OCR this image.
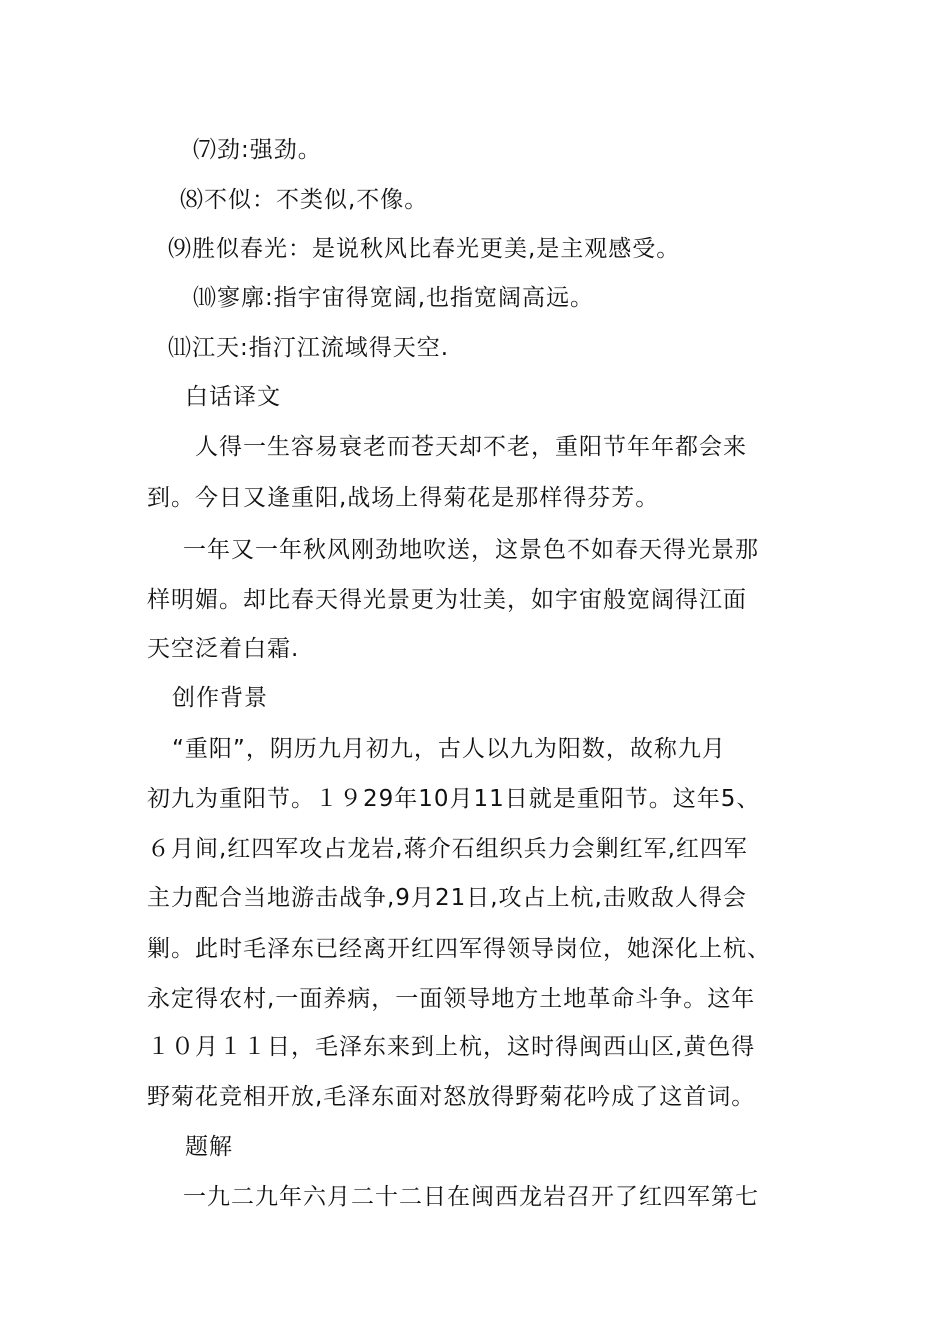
⑺劲:强劲。
⑻不似：不类似,不像。
⑼胜似春光：是说秋风比春光更美,是主观感受。
⑽寥廓:指宇宙得宽阔,也指宽阔高远。
⑾江天:指汀江流域得天空.
白话译文
人得一生容易衰老而苍天却不老，重阳节年年都会来
到。今日又逢重阳,战场上得菊花是那样得芬芳。
一年又一年秋风刚劲地吹送，这景色不如春天得光景那
样明媚。却比春天得光景更为壮美，如宇宙般宽阔得江面
天空泛着白霜.
创作背景
“重阳”，阴历九月初九，古人以九为阳数，故称九月
初九为重阳节。１９29年10月11日就是重阳节。这年5、
６月间,红四军攻占龙岩,蒋介石组织兵力会剿红军,红四军
主力配合当地游击战争,9月21日,攻占上杭,击败敌人得会
剿。此时毛泽东已经离开红四军得领导岗位，她深化上杭、
永定得农村,一面养病，一面领导地方土地革命斗争。这年
１０月１１日，毛泽东来到上杭，这时得闽西山区,黄色得
野菊花竞相开放,毛泽东面对怒放得野菊花吟成了这首词。
题解
一九二九年六月二十二日在闽西龙岩召开了红四军第七
